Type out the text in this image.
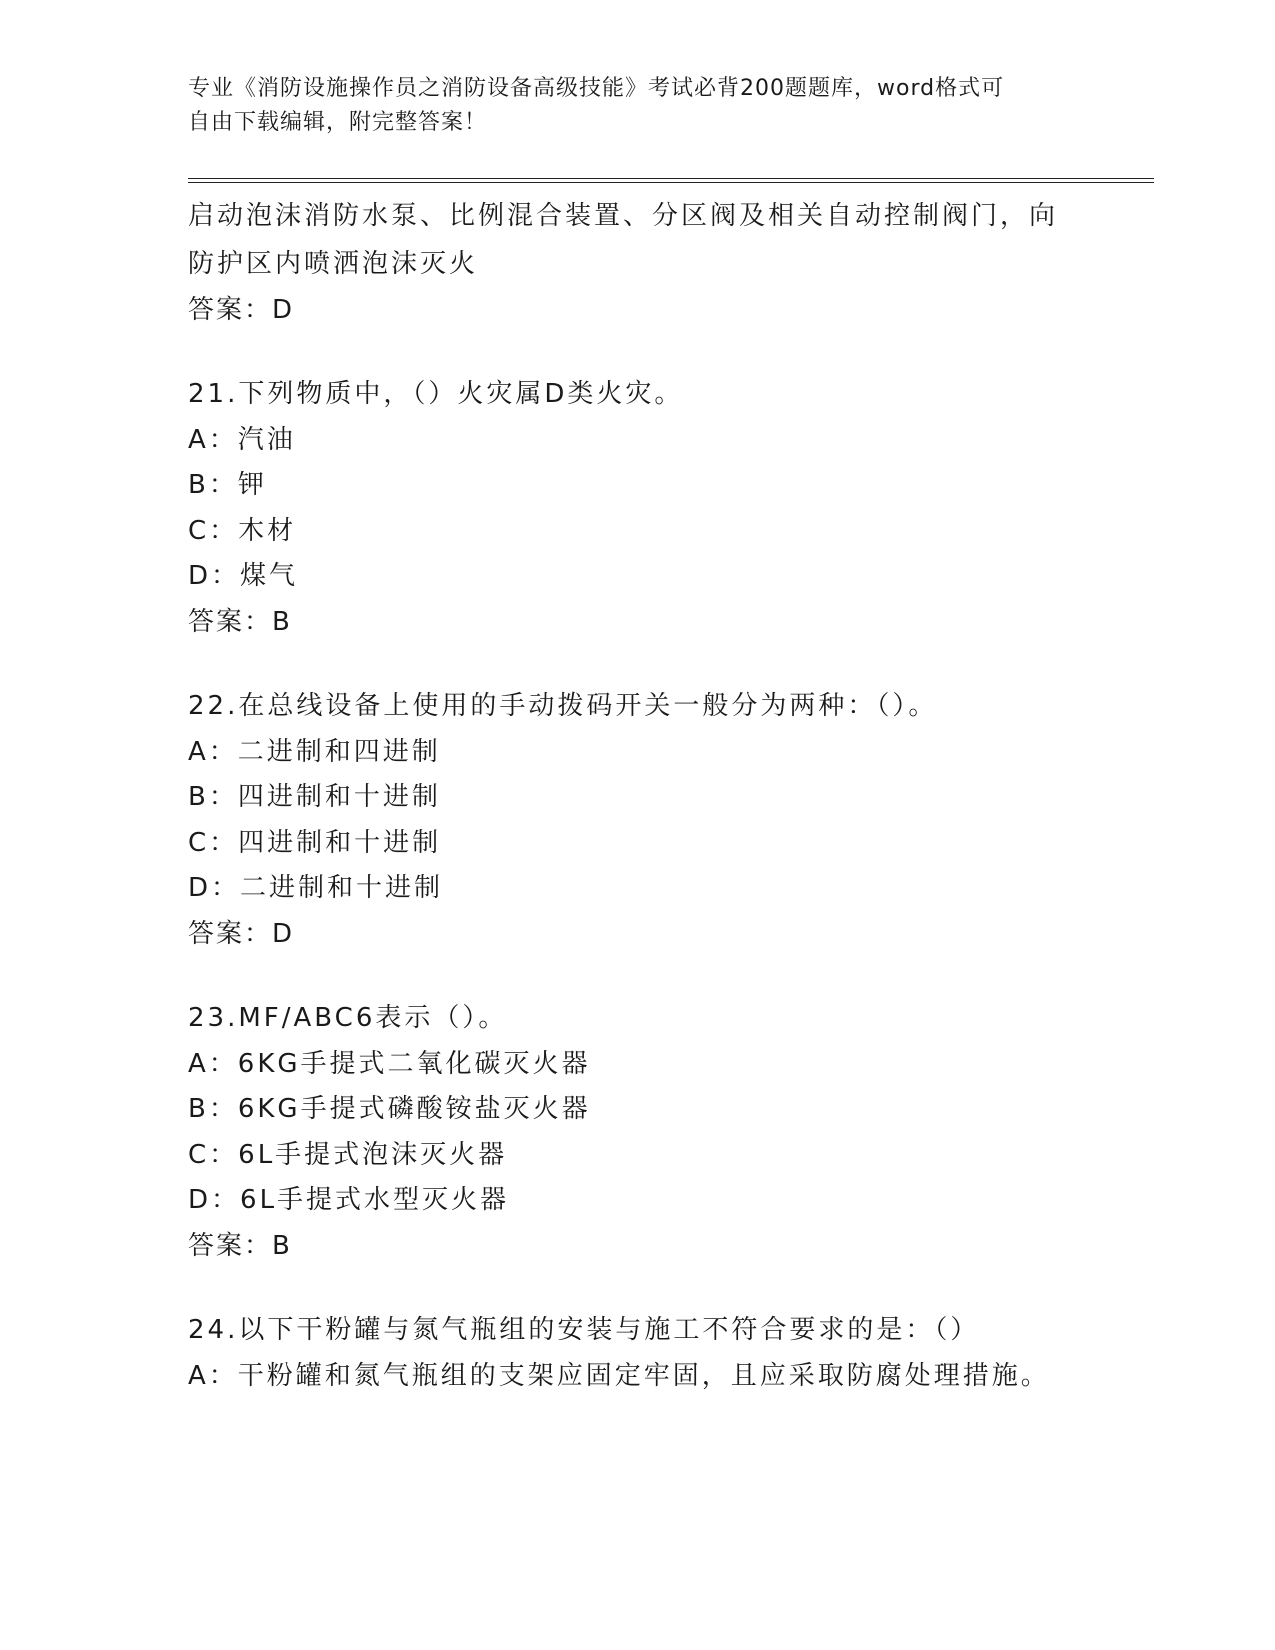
专业《消防设施操作员之消防设备高级技能》考试必背200题题库，word格式可
自由下载编辑，附完整答案！
启动泡沫消防水泵、比例混合装置、分区阀及相关自动控制阀门，向
防护区内喷洒泡沫灭火
答案：D
21.下列物质中，（）火灾属D类火灾。
A：汽油
B：钾
C：木材
D：煤气
答案：B
22.在总线设备上使用的手动拨码开关一般分为两种：（）。
A：二进制和四进制
B：四进制和十进制
C：四进制和十进制
D：二进制和十进制
答案：D
23.MF/ABC6表示（）。
A：6KG手提式二氧化碳灭火器
B：6KG手提式磷酸铵盐灭火器
C：6L手提式泡沫灭火器
D：6L手提式水型灭火器
答案：B
24.以下干粉罐与氮气瓶组的安装与施工不符合要求的是：（）
A：干粉罐和氮气瓶组的支架应固定牢固，且应采取防腐处理措施。
